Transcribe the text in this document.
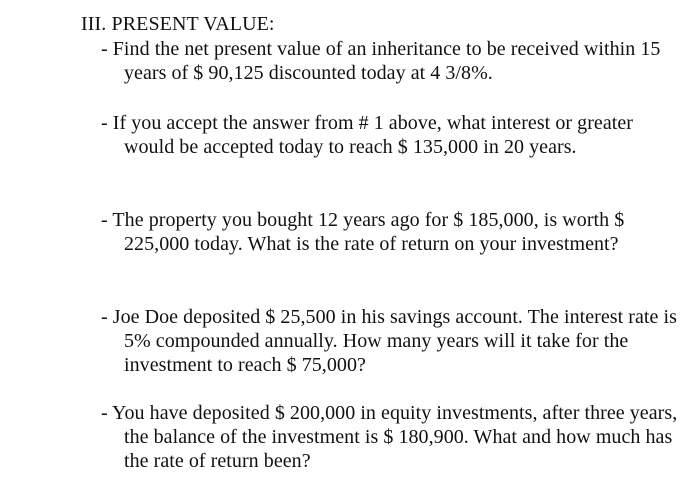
III. PRESENT VALUE:
- Find the net present value of an inheritance to be received within 15 years of $ 90,125 discounted today at 4 3/8%.
- If you accept the answer from # 1 above, what interest or greater would be accepted today to reach $ 135,000 in 20 years.
- The property you bought 12 years ago for $ 185,000, is worth $ 225,000 today. What is the rate of return on your investment?
- Joe Doe deposited $ 25,500 in his savings account. The interest rate is 5% compounded annually. How many years will it take for the investment to reach $ 75,000?
- You have deposited $ 200,000 in equity investments, after three years, the balance of the investment is $ 180,900. What and how much has the rate of return been?
